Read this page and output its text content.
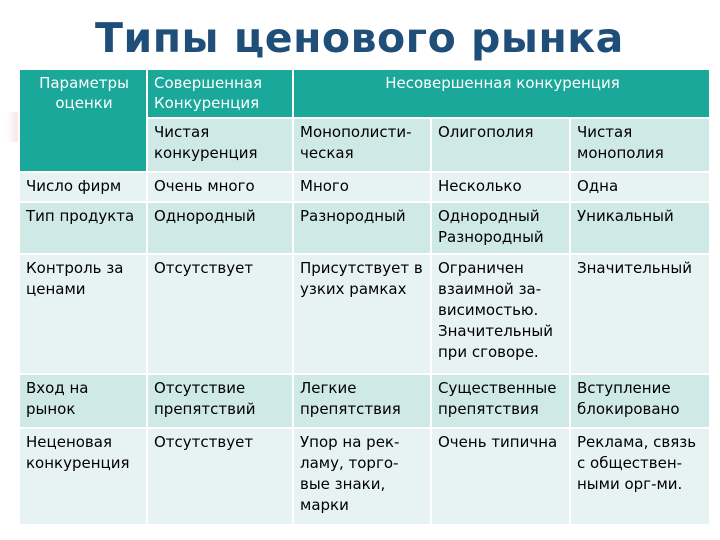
Типы ценового рынка
Параметры оценки	Совершенная Конкуренция	Несовершенная конкуренция		
	Чистая конкуренция	Монополисти-ческая	Олигополия	Чистая монополия
Число фирм	Очень много	Много	Несколько	Одна
Тип продукта	Однородный	Разнородный	Однородный Разнородный	Уникальный
Контроль за ценами	Отсутствует	Присутствует в узких рамках	Ограничен взаимной за-висимостью. Значительный при сговоре.	Значительный
Вход на рынок	Отсутствие препятствий	Легкие препятствия	Существенные препятствия	Вступление блокировано
Неценовая конкуренция	Отсутствует	Упор на рек-ламу, торго-вые знаки, марки	Очень типична	Реклама, связь с обществен-ными орг-ми.
